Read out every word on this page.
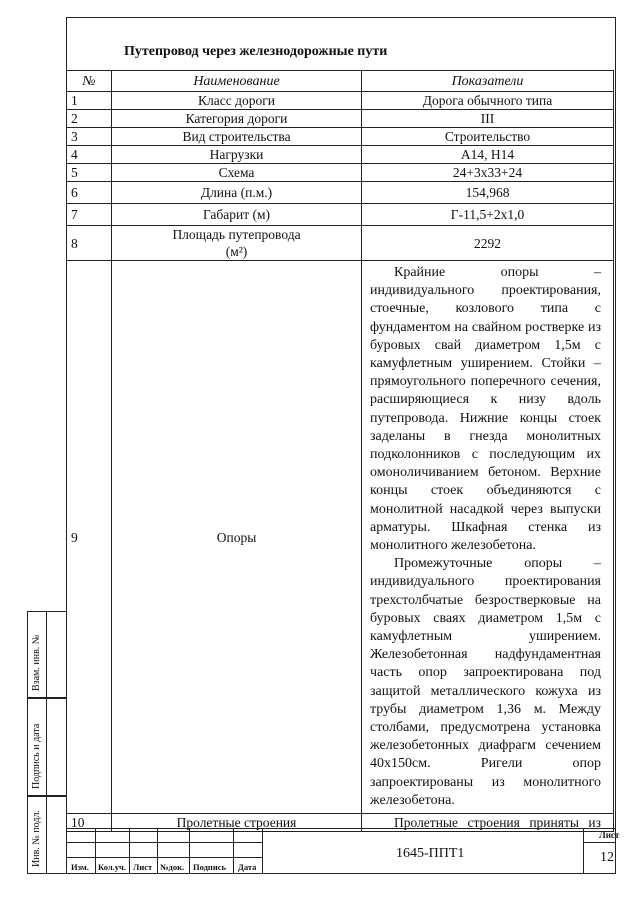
Путепровод через железнодорожные пути
№	Наименование	Показатели
1	Класс дороги	Дорога обычного типа
2	Категория дороги	III
3	Вид строительства	Строительство
4	Нагрузки	А14, Н14
5	Схема	24+3х33+24
6	Длина (п.м.)	154,968
7	Габарит (м)	Г-11,5+2х1,0
8	Площадь путепровода (м²)	2292
9	Опоры	Крайние опоры – индивидуального проектирования, стоечные, козлового типа с фундаментом на свайном ростверке из буровых свай диаметром 1,5м с камуфлетным уширением. Стойки – прямоугольного поперечного сечения, расширяющиеся к низу вдоль путепровода. Нижние концы стоек заделаны в гнезда монолитных подколонников с последующим их омоноличиванием бетоном. Верхние концы стоек объединяются с монолитной насадкой через выпуски арматуры. Шкафная стенка из монолитного железобетона.

Промежуточные опоры – индивидуального проектирования трехстолбчатые безростверковые на буровых сваях диаметром 1,5м с камуфлетным уширением. Железобетонная надфундаментная часть опор запроектирована под защитой металлического кожуха из трубы диаметром 1,36 м. Между столбами, предусмотрена установка железобетонных диафрагм сечением 40х150см. Ригели опор запроектированы из монолитного железобетона.

10	Пролетные строения	Пролетные строения приняты из
Взам. инв. №
Подпись и дата
Инв. № подл.	Изм. Кол.уч. Лист №док. Подпись Дата
1645-ППТ1
Лист
12
